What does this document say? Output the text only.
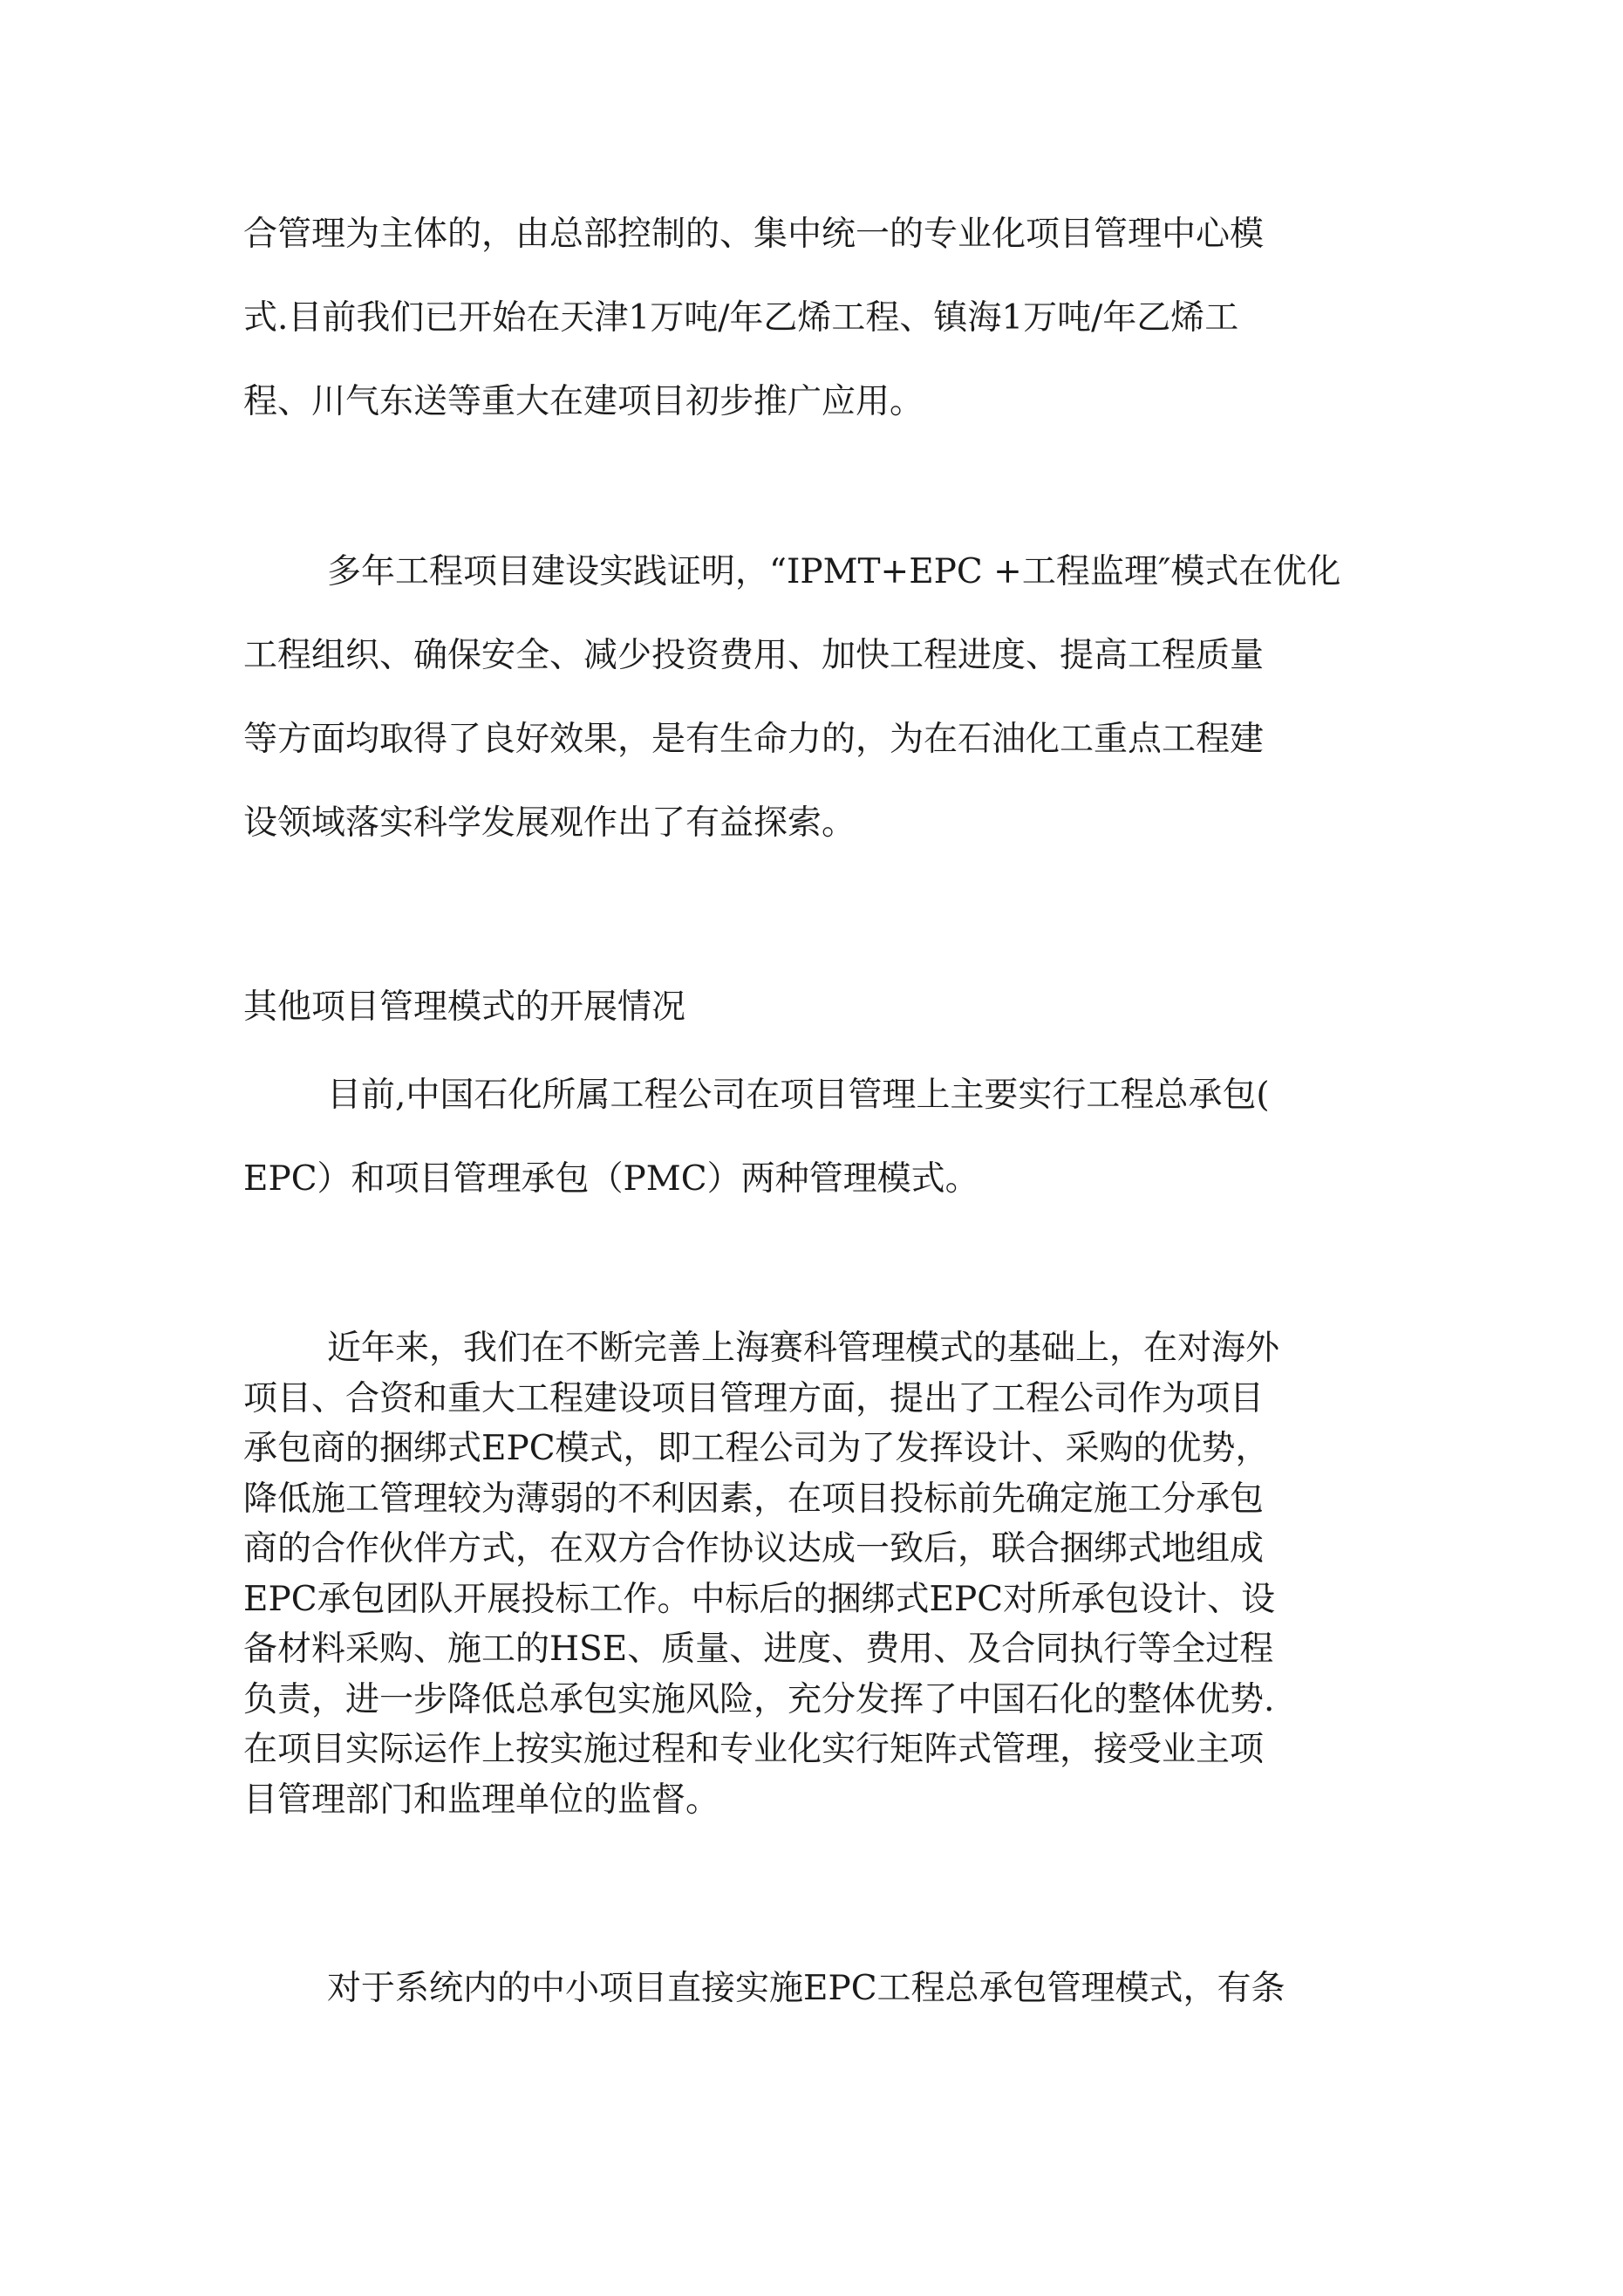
合管理为主体的，由总部控制的、集中统一的专业化项目管理中心模
式.目前我们已开始在天津1万吨/年乙烯工程、镇海1万吨/年乙烯工
程、川气东送等重大在建项目初步推广应用。
多年工程项目建设实践证明，“IPMT+EPC +工程监理″模式在优化
工程组织、确保安全、减少投资费用、加快工程进度、提高工程质量
等方面均取得了良好效果，是有生命力的，为在石油化工重点工程建
设领域落实科学发展观作出了有益探索。
其他项目管理模式的开展情况
目前,中国石化所属工程公司在项目管理上主要实行工程总承包(
EPC）和项目管理承包（PMC）两种管理模式。
近年来，我们在不断完善上海赛科管理模式的基础上，在对海外
项目、合资和重大工程建设项目管理方面，提出了工程公司作为项目
承包商的捆绑式EPC模式，即工程公司为了发挥设计、采购的优势，
降低施工管理较为薄弱的不利因素，在项目投标前先确定施工分承包
商的合作伙伴方式，在双方合作协议达成一致后，联合捆绑式地组成
EPC承包团队开展投标工作。中标后的捆绑式EPC对所承包设计、设
备材料采购、施工的HSE、质量、进度、费用、及合同执行等全过程
负责，进一步降低总承包实施风险，充分发挥了中国石化的整体优势.
在项目实际运作上按实施过程和专业化实行矩阵式管理，接受业主项
目管理部门和监理单位的监督。
对于系统内的中小项目直接实施EPC工程总承包管理模式，有条
